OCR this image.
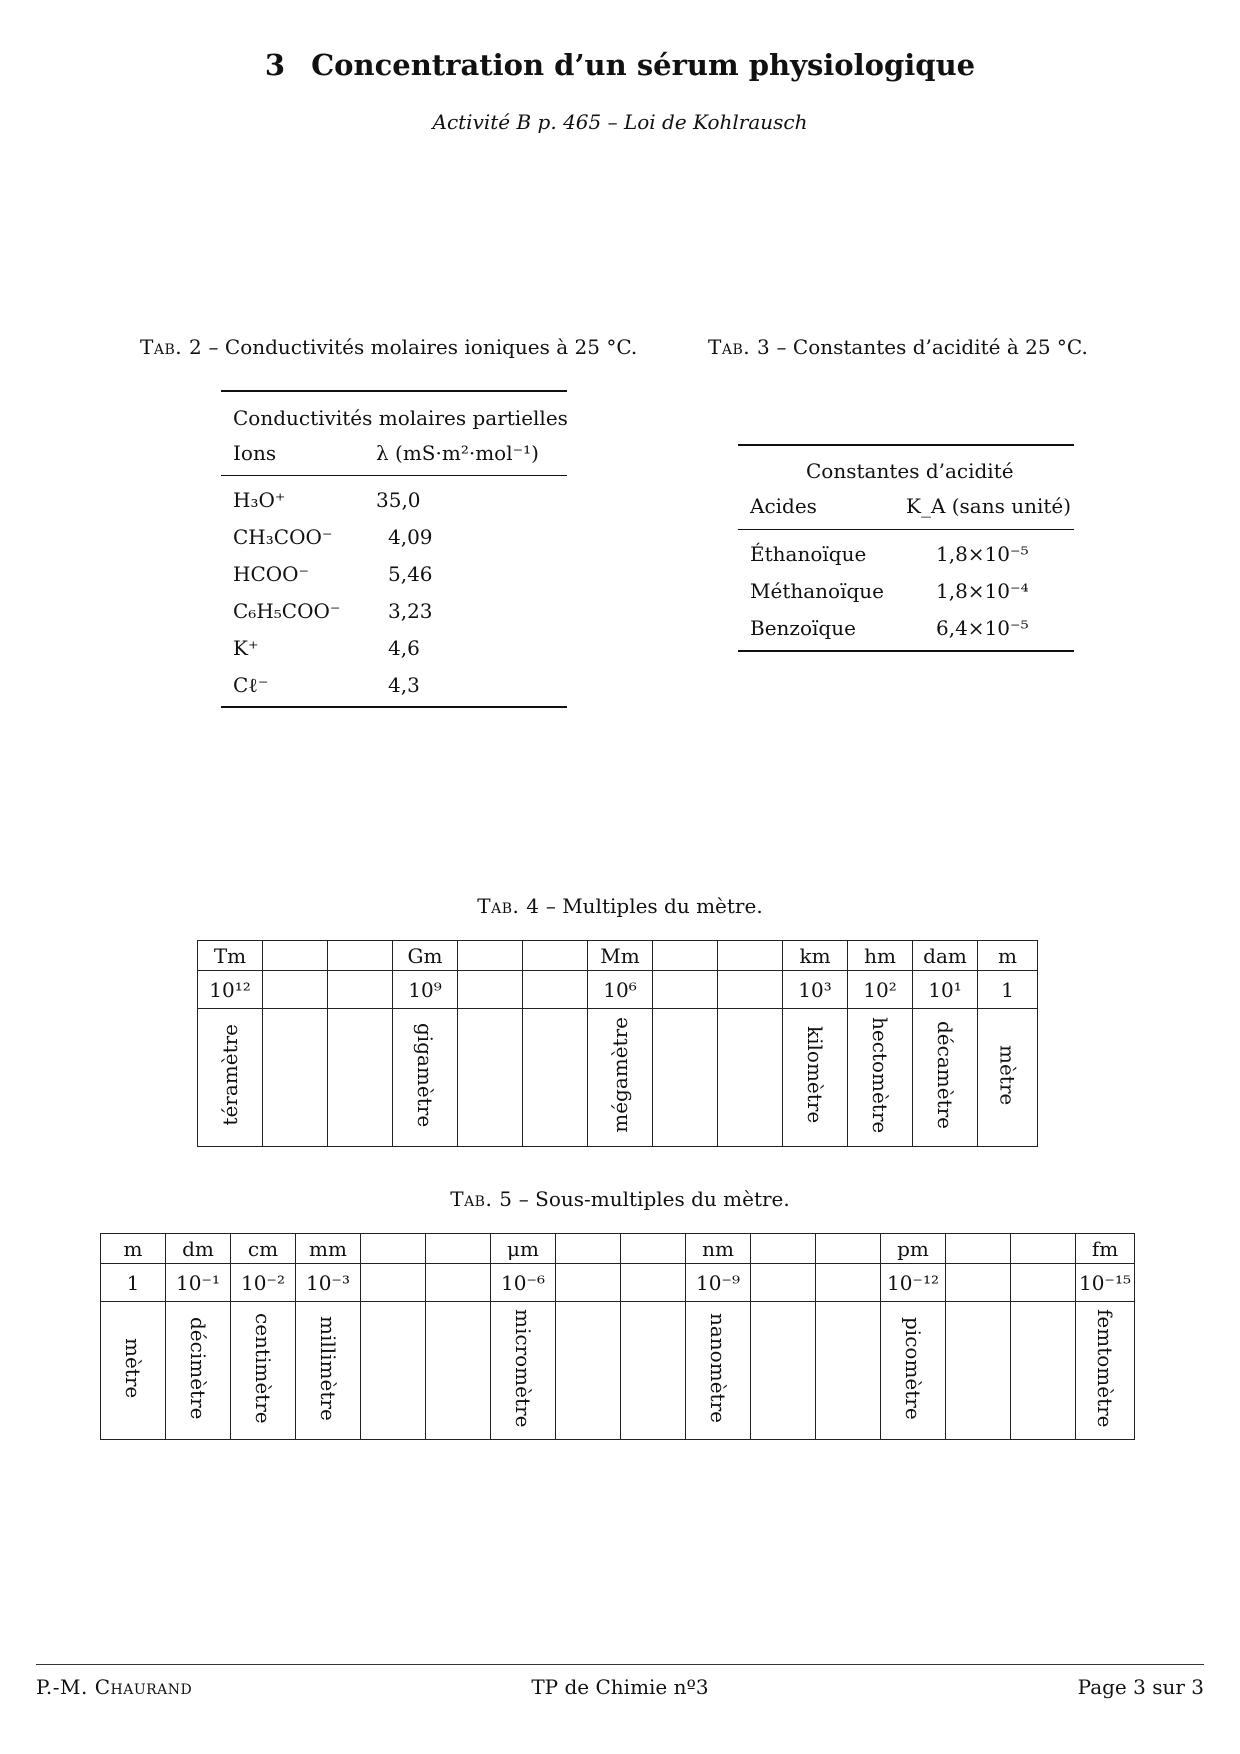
3 Concentration d’un sérum physiologique
Activité B p. 465 – Loi de Kohlrausch
Tab. 2 – Conductivités molaires ioniques à 25 °C.
Conductivités molaires partielles
Ions	λ (mS·m²·mol⁻¹)
H₃O⁺	35,0
CH₃COO⁻	4,09
HCOO⁻	5,46
C₆H₅COO⁻ 3,23
K⁺	4,6
Cℓ⁻	4,3
Tab. 3 – Constantes d’acidité à 25 °C.
Constantes d’acidité
Acides	K_A (sans unité)
Éthanoïque	1,8×10⁻⁵
Méthanoïque	1,8×10⁻⁴
Benzoïque	6,4×10⁻⁵
Tab. 4 – Multiples du mètre.
Tm			Gm			Mm			km	hm	dam	m
10¹²			10⁹			10⁶			10³	10²	10¹	1
téramètre			gigamètre			mégamètre			kilomètre	hectomètre	décamètre	mètre
Tab. 5 – Sous-multiples du mètre.
m	dm	cm	mm			μm			nm			pm			fm
1	10⁻¹	10⁻²	10⁻³			10⁻⁶			10⁻⁹			10⁻¹²			10⁻¹⁵
mètre	décimètre	centimètre	millimètre			micromètre			nanomètre			picomètre			femtomètre
P.-M. Chaurand	TP de Chimie nº3	Page 3 sur 3
